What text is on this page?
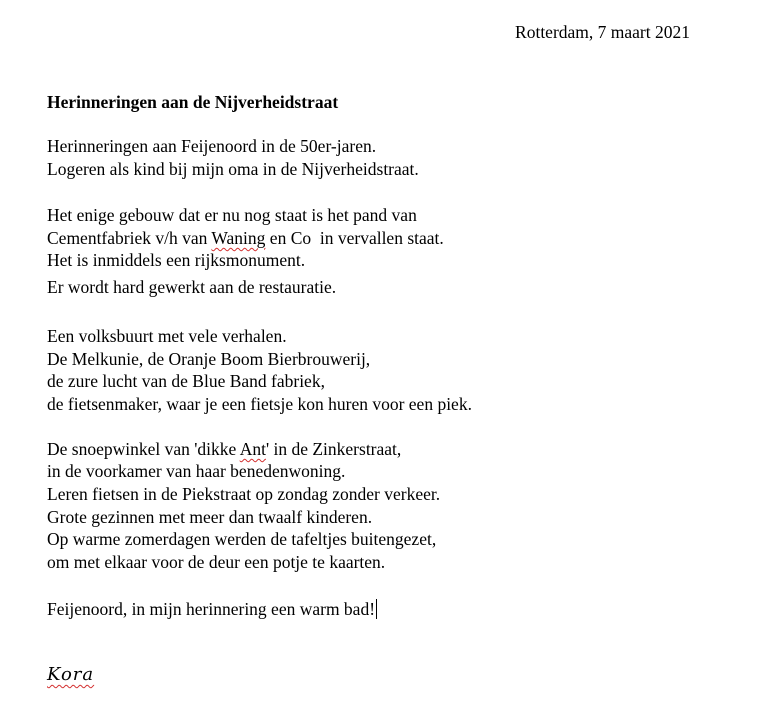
Rotterdam, 7 maart 2021
Herinneringen aan de Nijverheidstraat
Herinneringen aan Feijenoord in de 50er-jaren.
Logeren als kind bij mijn oma in de Nijverheidstraat.
Het enige gebouw dat er nu nog staat is het pand van
Cementfabriek v/h van Waning en Co  in vervallen staat.
Het is inmiddels een rijksmonument.
Er wordt hard gewerkt aan de restauratie.
Een volksbuurt met vele verhalen.
De Melkunie, de Oranje Boom Bierbrouwerij,
de zure lucht van de Blue Band fabriek,
de fietsenmaker, waar je een fietsje kon huren voor een piek.
De snoepwinkel van 'dikke Ant' in de Zinkerstraat,
in de voorkamer van haar benedenwoning.
Leren fietsen in de Piekstraat op zondag zonder verkeer.
Grote gezinnen met meer dan twaalf kinderen.
Op warme zomerdagen werden de tafeltjes buitengezet,
om met elkaar voor de deur een potje te kaarten.
Feijenoord, in mijn herinnering een warm bad!
Kora
